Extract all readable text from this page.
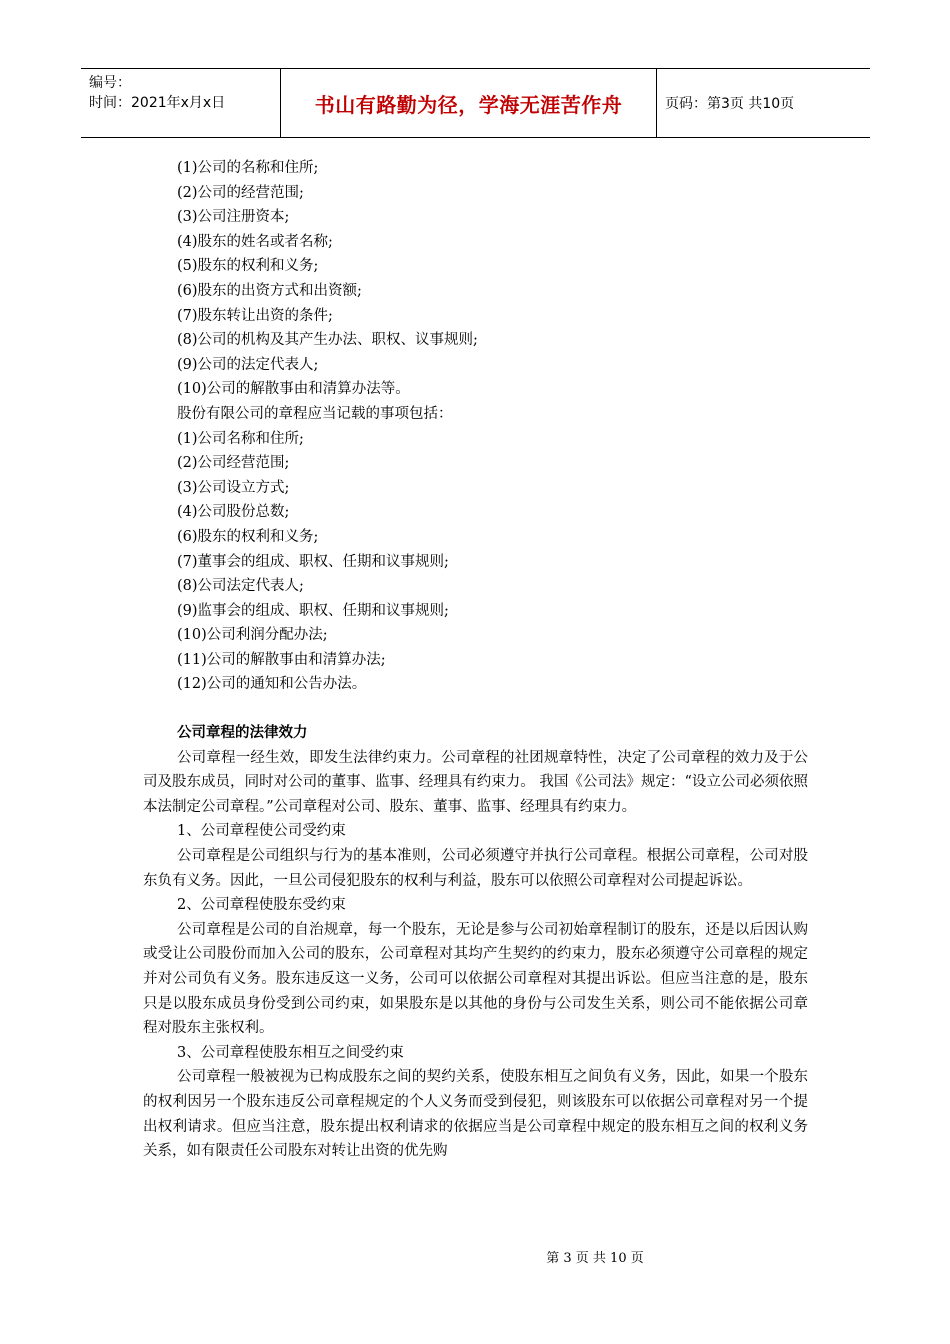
编号：
时间：2021年x月x日	书山有路勤为径，学海无涯苦作舟	页码：第3页 共10页

(1)公司的名称和住所;

(2)公司的经营范围;

(3)公司注册资本;

(4)股东的姓名或者名称;

(5)股东的权利和义务;

(6)股东的出资方式和出资额;

(7)股东转让出资的条件;

(8)公司的机构及其产生办法、职权、议事规则;

(9)公司的法定代表人;

(10)公司的解散事由和清算办法等。

股份有限公司的章程应当记载的事项包括：

(1)公司名称和住所;

(2)公司经营范围;

(3)公司设立方式;

(4)公司股份总数;

(6)股东的权利和义务;

(7)董事会的组成、职权、任期和议事规则;

(8)公司法定代表人;

(9)监事会的组成、职权、任期和议事规则;

(10)公司利润分配办法;

(11)公司的解散事由和清算办法;

(12)公司的通知和公告办法。

公司章程的法律效力

公司章程一经生效，即发生法律约束力。公司章程的社团规章特性，决定了公司章程的效力及于公司及股东成员，同时对公司的董事、监事、经理具有约束力。 我国《公司法》规定：“设立公司必须依照本法制定公司章程。”公司章程对公司、股东、董事、监事、经理具有约束力。

1、公司章程使公司受约束

公司章程是公司组织与行为的基本准则，公司必须遵守并执行公司章程。根据公司章程，公司对股东负有义务。因此，一旦公司侵犯股东的权利与利益，股东可以依照公司章程对公司提起诉讼。

2、公司章程使股东受约束

公司章程是公司的自治规章，每一个股东，无论是参与公司初始章程制订的股东，还是以后因认购或受让公司股份而加入公司的股东，公司章程对其均产生契约的约束力，股东必须遵守公司章程的规定并对公司负有义务。股东违反这一义务，公司可以依据公司章程对其提出诉讼。但应当注意的是，股东只是以股东成员身份受到公司约束，如果股东是以其他的身份与公司发生关系，则公司不能依据公司章程对股东主张权利。

3、公司章程使股东相互之间受约束

公司章程一般被视为已构成股东之间的契约关系，使股东相互之间负有义务，因此，如果一个股东的权利因另一个股东违反公司章程规定的个人义务而受到侵犯，则该股东可以依据公司章程对另一个提出权利请求。但应当注意，股东提出权利请求的依据应当是公司章程中规定的股东相互之间的权利义务关系，如有限责任公司股东对转让出资的优先购

第 3 页 共 10 页
